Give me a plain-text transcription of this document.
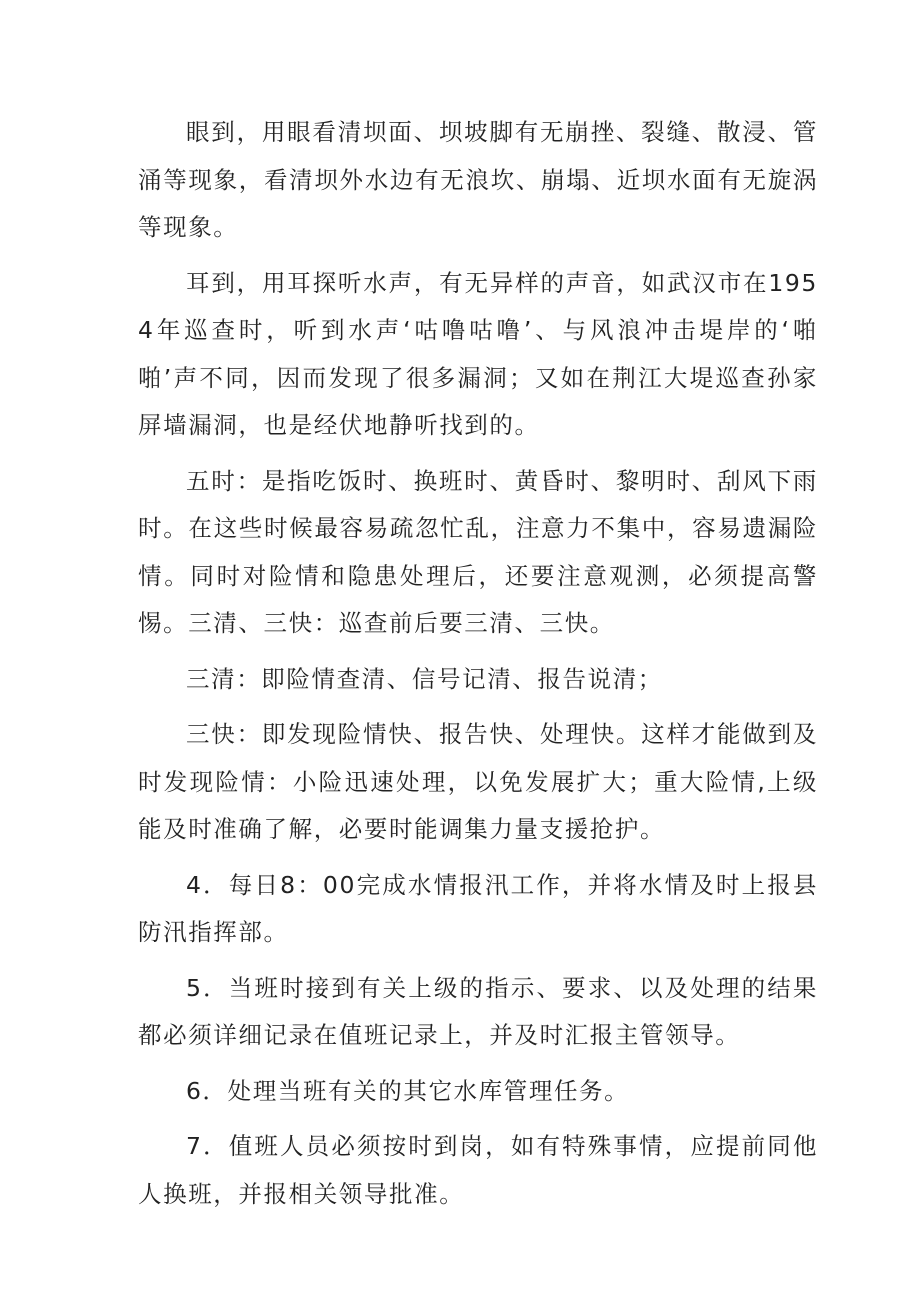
眼到，用眼看清坝面、坝坡脚有无崩挫、裂缝、散浸、管涌等现象，看清坝外水边有无浪坎、崩塌、近坝水面有无旋涡等现象。

耳到，用耳探听水声，有无异样的声音，如武汉市在1954年巡查时，听到水声‘咕噜咕噜’、与风浪冲击堤岸的‘啪啪’声不同，因而发现了很多漏洞；又如在荆江大堤巡查孙家屏墙漏洞，也是经伏地静听找到的。

五时：是指吃饭时、换班时、黄昏时、黎明时、刮风下雨时。在这些时候最容易疏忽忙乱，注意力不集中，容易遗漏险情。同时对险情和隐患处理后，还要注意观测，必须提高警惕。三清、三快：巡查前后要三清、三快。

三清：即险情查清、信号记清、报告说清；

三快：即发现险情快、报告快、处理快。这样才能做到及时发现险情：小险迅速处理，以免发展扩大；重大险情,上级能及时准确了解，必要时能调集力量支援抢护。

4．每日8：00完成水情报汛工作，并将水情及时上报县防汛指挥部。

5．当班时接到有关上级的指示、要求、以及处理的结果都必须详细记录在值班记录上，并及时汇报主管领导。

6．处理当班有关的其它水库管理任务。

7．值班人员必须按时到岗，如有特殊事情，应提前同他人换班，并报相关领导批准。
